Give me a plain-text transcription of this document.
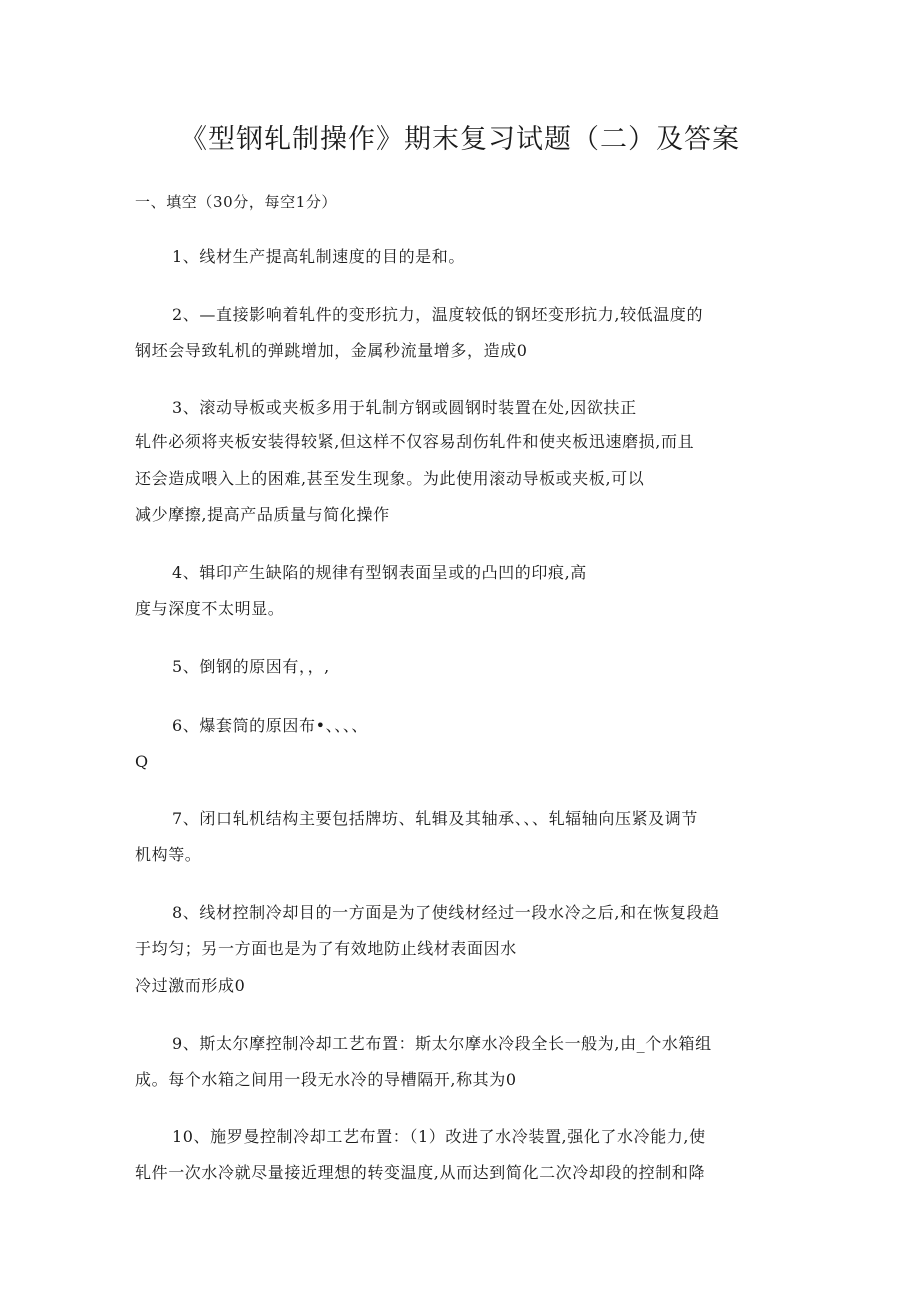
《型钢轧制操作》期末复习试题（二）及答案
一、填空（30分，每空1分）
1、线材生产提高轧制速度的目的是和。
2、—直接影响着轧件的变形抗力，温度较低的钢坯变形抗力,较低温度的
钢坯会导致轧机的弹跳增加，金属秒流量增多，造成0
3、滚动导板或夹板多用于轧制方钢或圆钢时装置在处,因欲扶正
轧件必须将夹板安装得较紧,但这样不仅容易刮伤轧件和使夹板迅速磨损,而且
还会造成喂入上的困难,甚至发生现象。为此使用滚动导板或夹板,可以
减少摩擦,提高产品质量与简化操作
4、辑印产生缺陷的规律有型钢表面呈或的凸凹的印痕,高
度与深度不太明显。
5、倒钢的原因有，，,
6、爆套筒的原因布•、、、、
Q
7、闭口轧机结构主要包括牌坊、轧辑及其轴承、、、轧辐轴向压紧及调节
机构等。
8、线材控制冷却目的一方面是为了使线材经过一段水冷之后,和在恢复段趋
于均匀；另一方面也是为了有效地防止线材表面因水
冷过激而形成0
9、斯太尔摩控制冷却工艺布置：斯太尔摩水冷段全长一般为,由_个水箱组
成。每个水箱之间用一段无水冷的导槽隔开,称其为0
10、施罗曼控制冷却工艺布置：（1）改进了水冷装置,强化了水冷能力,使
轧件一次水冷就尽量接近理想的转变温度,从而达到简化二次冷却段的控制和降
